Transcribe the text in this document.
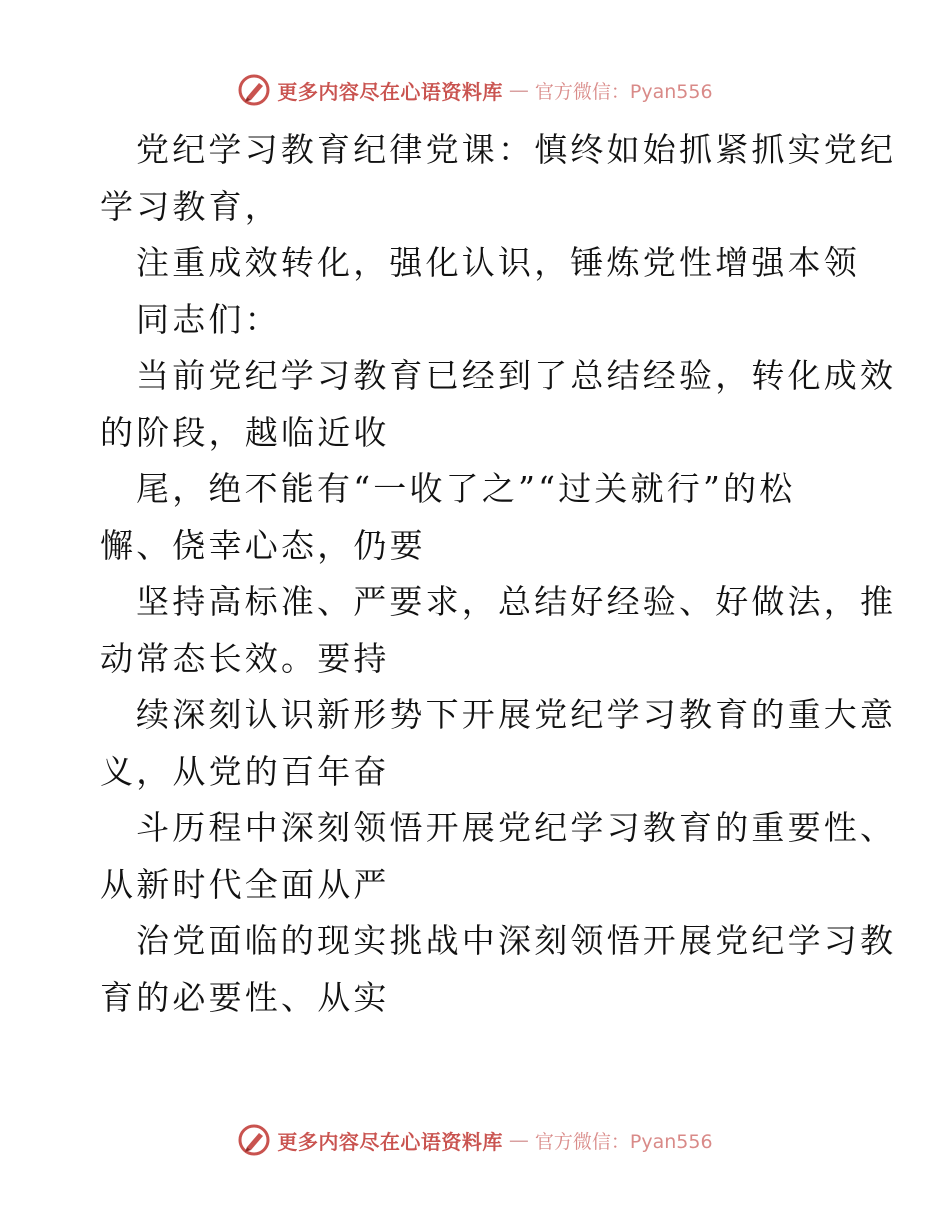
更多内容尽在心语资料库 — 官方微信：Pyan556
党纪学习教育纪律党课：慎终如始抓紧抓实党纪
学习教育，
注重成效转化，强化认识，锤炼党性增强本领
同志们：
当前党纪学习教育已经到了总结经验，转化成效
的阶段，越临近收
尾，绝不能有“一收了之”“过关就行”的松
懈、侥幸心态，仍要
坚持高标准、严要求，总结好经验、好做法，推
动常态长效。要持
续深刻认识新形势下开展党纪学习教育的重大意
义，从党的百年奋
斗历程中深刻领悟开展党纪学习教育的重要性、
从新时代全面从严
治党面临的现实挑战中深刻领悟开展党纪学习教
育的必要性、从实
更多内容尽在心语资料库 — 官方微信：Pyan556
